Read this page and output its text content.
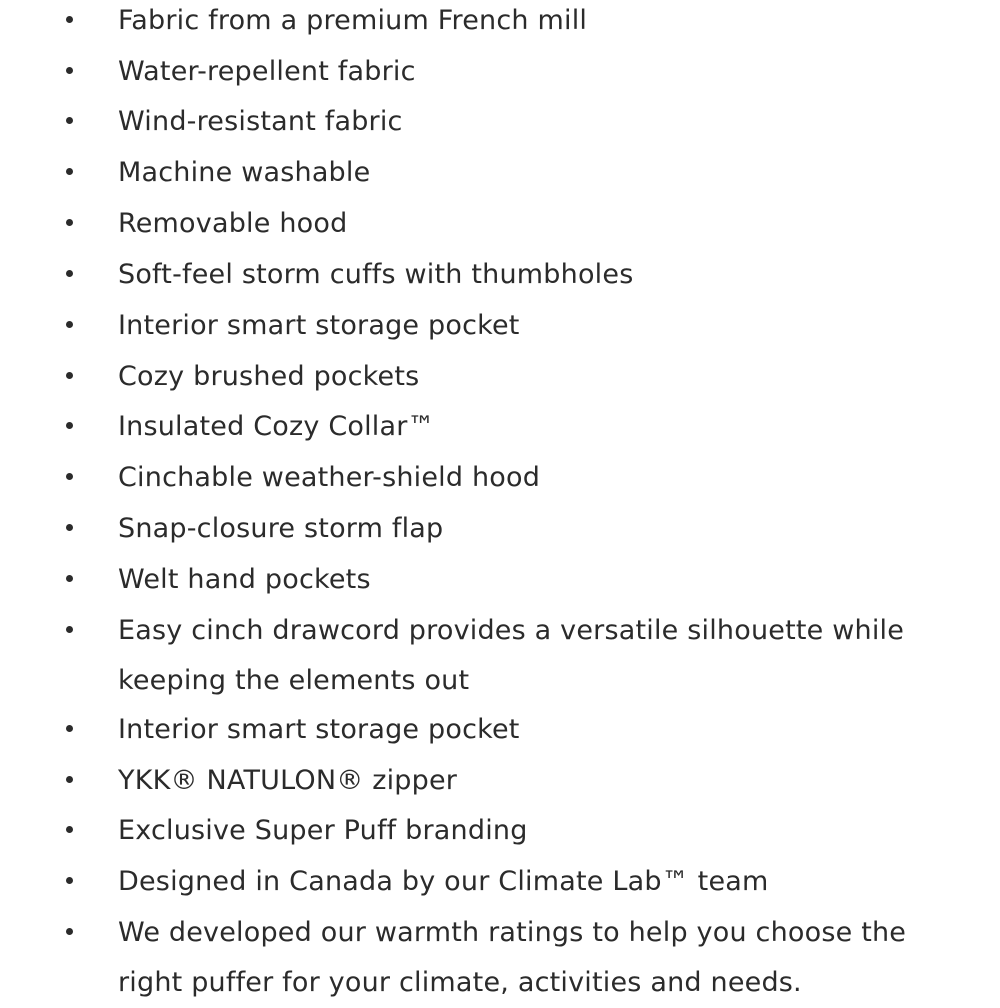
Fabric from a premium French mill
Water-repellent fabric
Wind-resistant fabric
Machine washable
Removable hood
Soft-feel storm cuffs with thumbholes
Interior smart storage pocket
Cozy brushed pockets
Insulated Cozy Collar™
Cinchable weather-shield hood
Snap-closure storm flap
Welt hand pockets
Easy cinch drawcord provides a versatile silhouette while keeping the elements out
Interior smart storage pocket
YKK® NATULON® zipper
Exclusive Super Puff branding
Designed in Canada by our Climate Lab™ team
We developed our warmth ratings to help you choose the right puffer for your climate, activities and needs.
